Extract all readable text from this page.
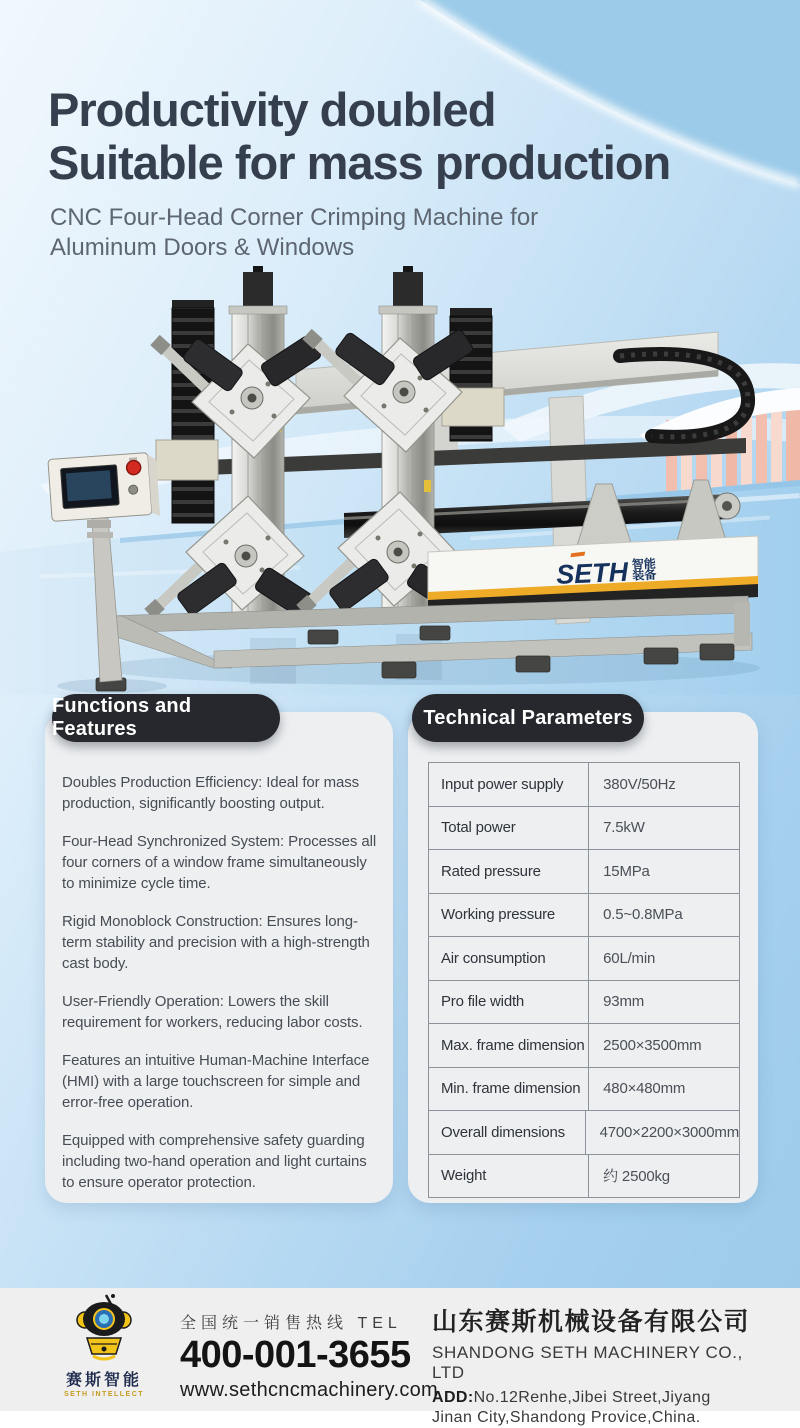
Productivity doubled
Suitable for mass production

CNC Four-Head Corner Crimping Machine for
Aluminum Doors & Windows

SETH 智能装备

Doubles Production Efficiency: Ideal for mass production, significantly boosting output.

Four-Head Synchronized System: Processes all four corners of a window frame simultaneously to minimize cycle time.

Rigid Monoblock Construction: Ensures long-term stability and precision with a high-strength cast body.

User-Friendly Operation: Lowers the skill requirement for workers, reducing labor costs.

Features an intuitive Human-Machine Interface (HMI) with a large touchscreen for simple and error-free operation.

Equipped with comprehensive safety guarding including two-hand operation and light curtains to ensure operator protection.

Functions and Features
Input power supply	380V/50Hz
Total power	7.5kW
Rated pressure	15MPa
Working pressure	0.5~0.8MPa
Air consumption	60L/min
Pro file width	93mm
Max. frame dimension	2500×3500mm
Min. frame dimension	480×480mm
Overall dimensions	4700×2200×3000mm
Weight	约 2500kg
Technical Parameters
赛斯智能
SETH INTELLECT
全国统一销售热线 TEL
400-001-3655
www.sethcncmachinery.com
山东赛斯机械设备有限公司
SHANDONG SETH MACHINERY CO., LTD
ADD:No.12Renhe,Jibei Street,Jiyang
Jinan City,Shandong Provice,China.
